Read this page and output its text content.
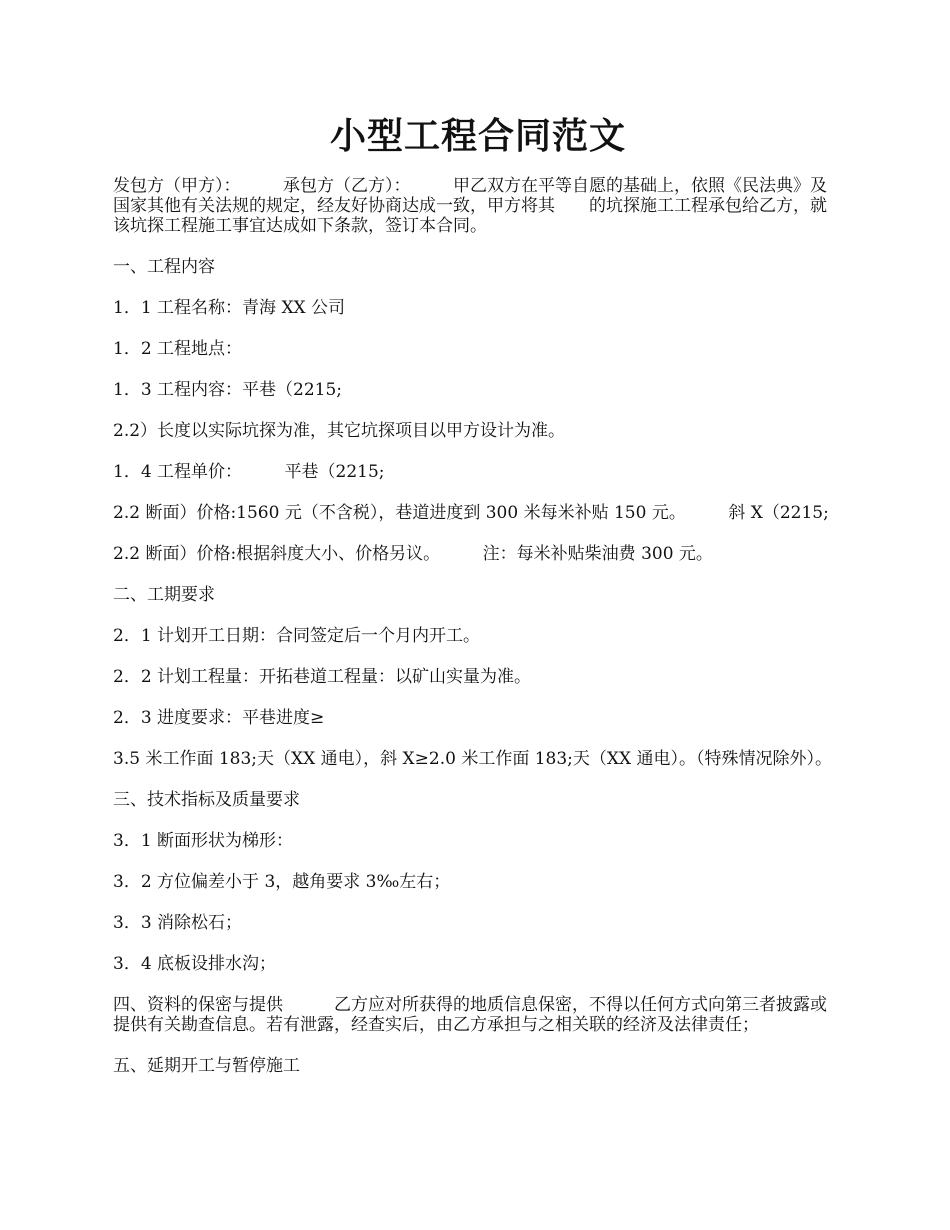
小型工程合同范文

发包方（甲方）：　　　承包方（乙方）：　　　甲乙双方在平等自愿的基础上，依照《民法典》及国家其他有关法规的规定，经友好协商达成一致，甲方将其　　的坑探施工工程承包给乙方，就该坑探工程施工事宜达成如下条款，签订本合同。

一、工程内容

1．1 工程名称：青海 XX 公司

1．2 工程地点：

1．3 工程内容：平巷（2215;

2.2）长度以实际坑探为准，其它坑探项目以甲方设计为准。

1．4 工程单价：　　　平巷（2215;

2.2 断面）价格:1560 元（不含税），巷道进度到 300 米每米补贴 150 元。　　　斜 X（2215;

2.2 断面）价格:根据斜度大小、价格另议。　　　注：每米补贴柴油费 300 元。

二、工期要求

2．1 计划开工日期：合同签定后一个月内开工。

2．2 计划工程量：开拓巷道工程量：以矿山实量为准。

2．3 进度要求：平巷进度≥

3.5 米工作面 183;天（XX 通电），斜 X≥2.0 米工作面 183;天（XX 通电）。（特殊情况除外）。

三、技术指标及质量要求

3．1 断面形状为梯形：

3．2 方位偏差小于 3，越角要求 3‰左右；

3．3 消除松石；

3．4 底板设排水沟；

四、资料的保密与提供　　　乙方应对所获得的地质信息保密，不得以任何方式向第三者披露或提供有关勘查信息。若有泄露，经查实后，由乙方承担与之相关联的经济及法律责任；

五、延期开工与暂停施工
